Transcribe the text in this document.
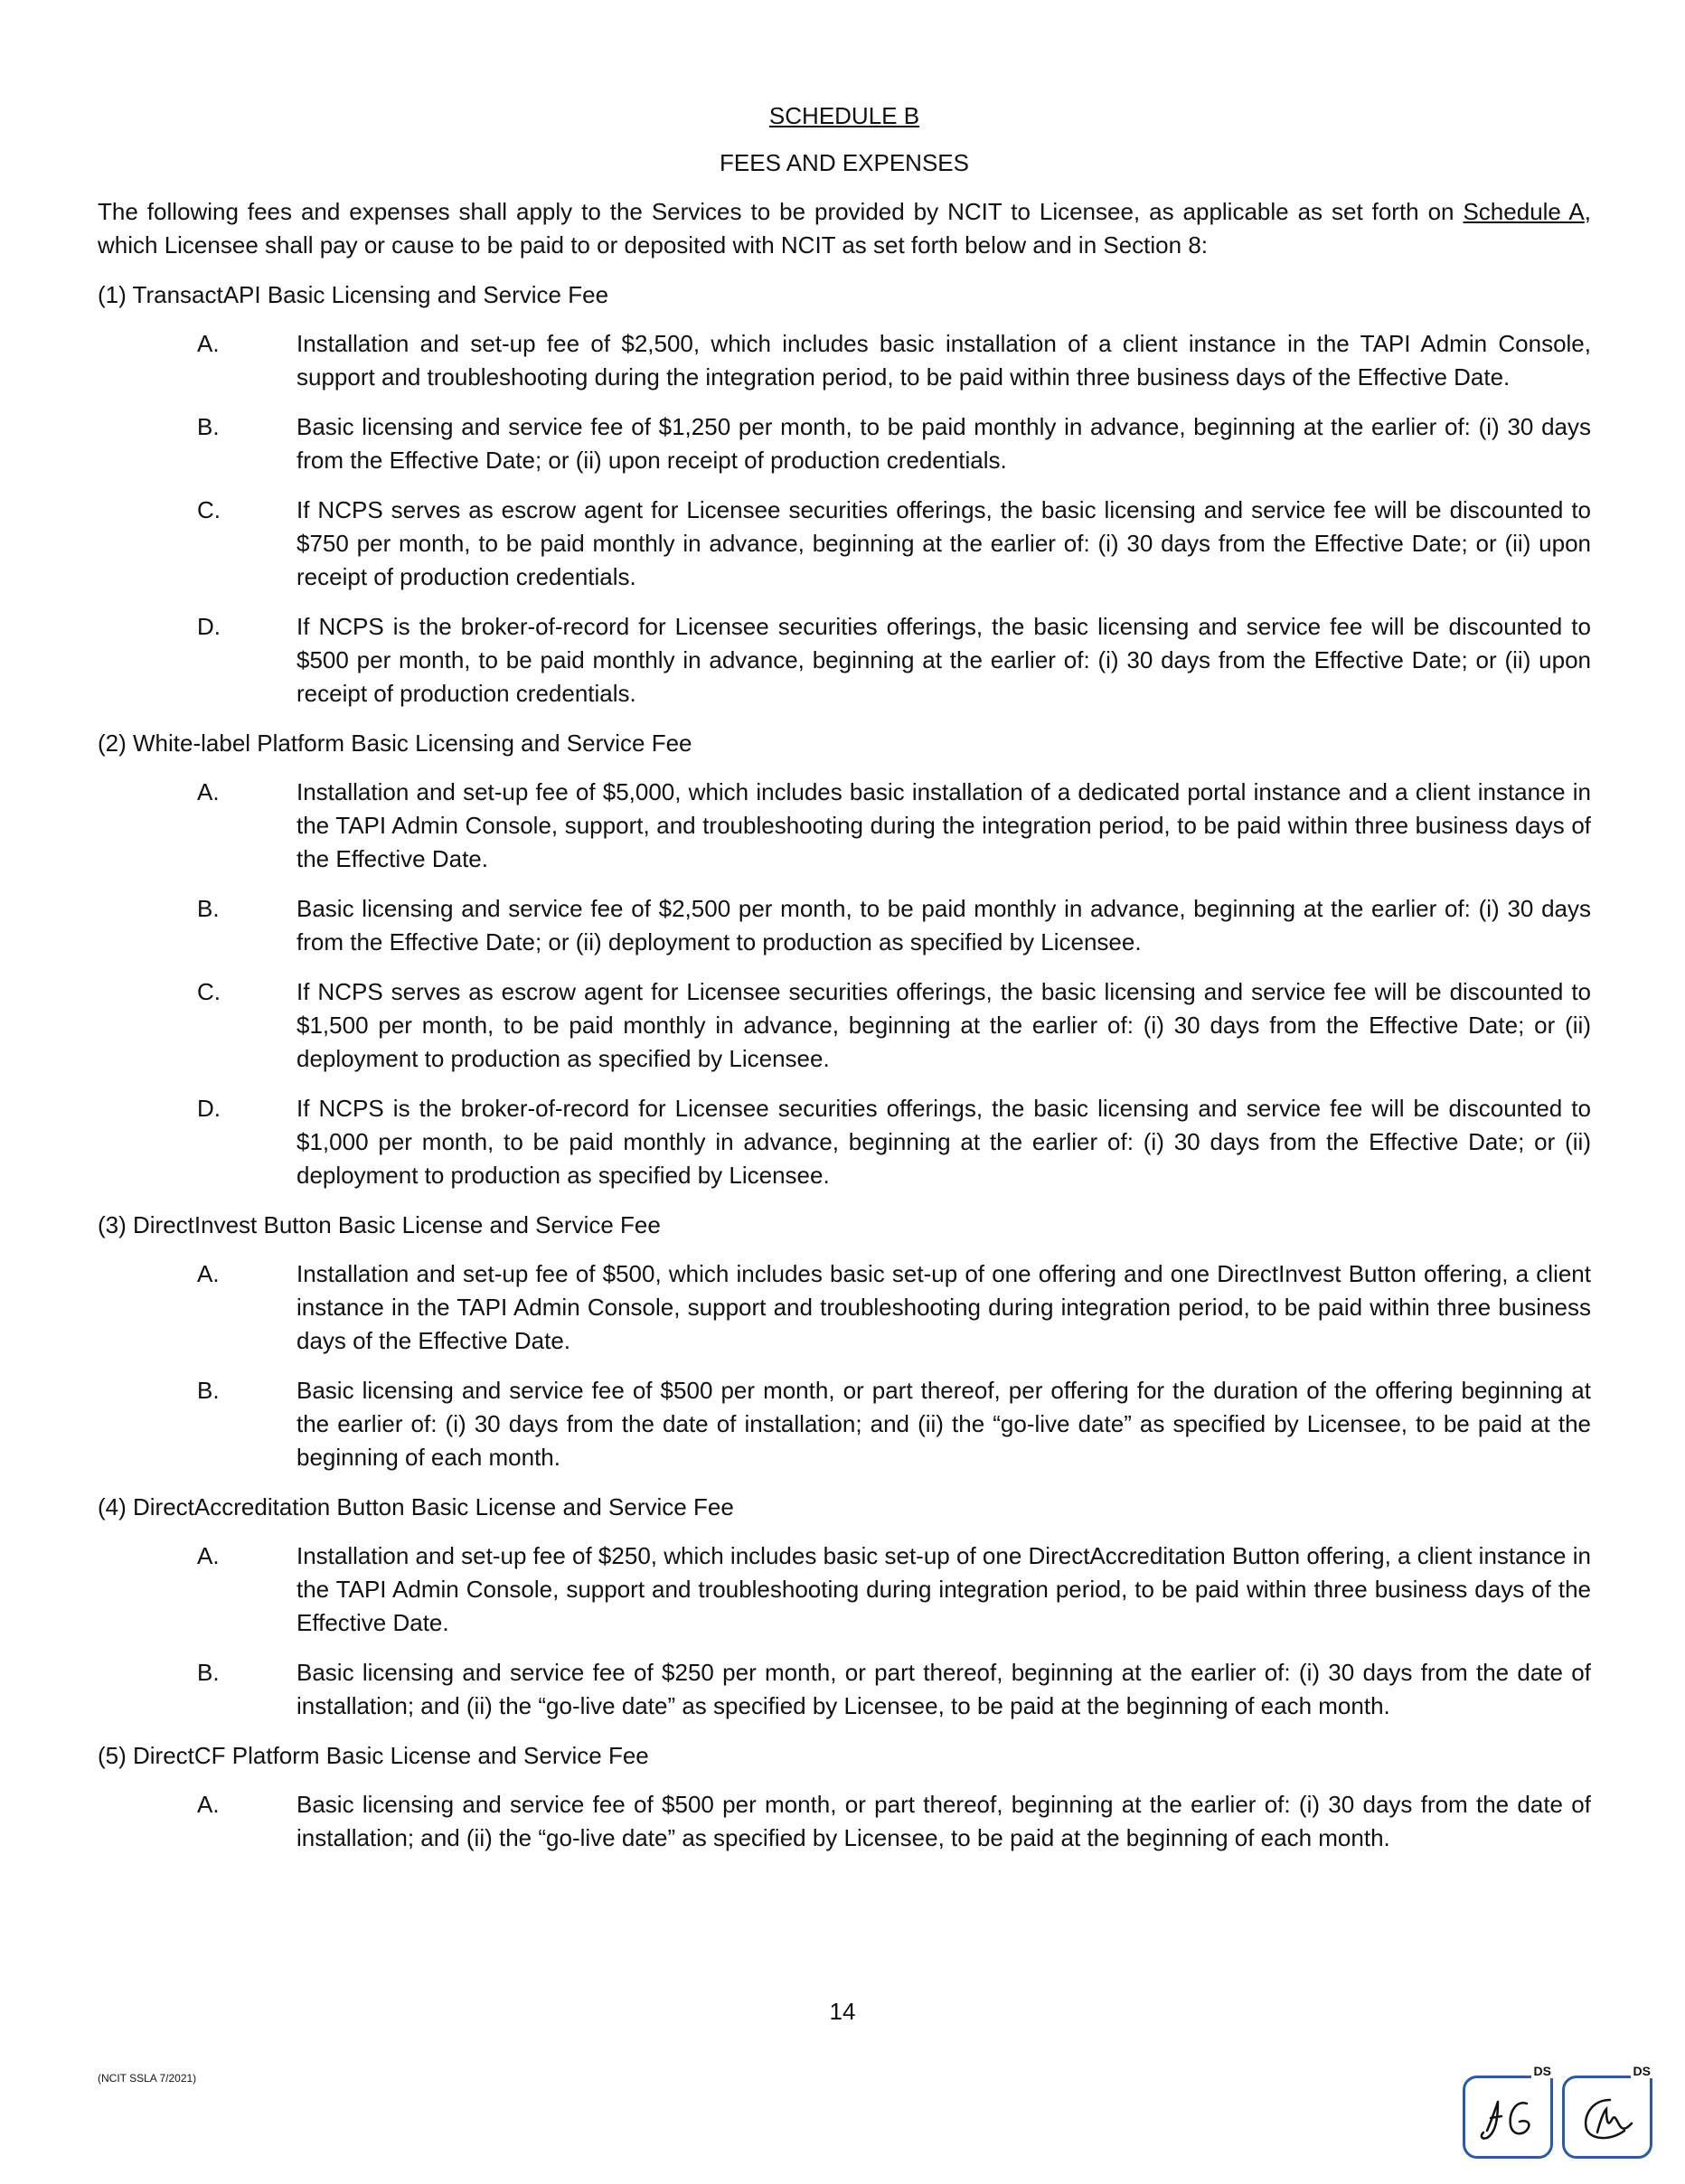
SCHEDULE B
FEES AND EXPENSES
The following fees and expenses shall apply to the Services to be provided by NCIT to Licensee, as applicable as set forth on Schedule A, which Licensee shall pay or cause to be paid to or deposited with NCIT as set forth below and in Section 8:
(1) TransactAPI Basic Licensing and Service Fee
A.	Installation and set-up fee of $2,500, which includes basic installation of a client instance in the TAPI Admin Console, support and troubleshooting during the integration period, to be paid within three business days of the Effective Date.
B.	Basic licensing and service fee of $1,250 per month, to be paid monthly in advance, beginning at the earlier of: (i) 30 days from the Effective Date; or (ii) upon receipt of production credentials.
C.	If NCPS serves as escrow agent for Licensee securities offerings, the basic licensing and service fee will be discounted to $750 per month, to be paid monthly in advance, beginning at the earlier of: (i) 30 days from the Effective Date; or (ii) upon receipt of production credentials.
D.	If NCPS is the broker-of-record for Licensee securities offerings, the basic licensing and service fee will be discounted to $500 per month, to be paid monthly in advance, beginning at the earlier of: (i) 30 days from the Effective Date; or (ii) upon receipt of production credentials.
(2) White-label Platform Basic Licensing and Service Fee
A.	Installation and set-up fee of $5,000, which includes basic installation of a dedicated portal instance and a client instance in the TAPI Admin Console, support, and troubleshooting during the integration period, to be paid within three business days of the Effective Date.
B.	Basic licensing and service fee of $2,500 per month, to be paid monthly in advance, beginning at the earlier of: (i) 30 days from the Effective Date; or (ii) deployment to production as specified by Licensee.
C.	If NCPS serves as escrow agent for Licensee securities offerings, the basic licensing and service fee will be discounted to $1,500 per month, to be paid monthly in advance, beginning at the earlier of: (i) 30 days from the Effective Date; or (ii) deployment to production as specified by Licensee.
D.	If NCPS is the broker-of-record for Licensee securities offerings, the basic licensing and service fee will be discounted to $1,000 per month, to be paid monthly in advance, beginning at the earlier of: (i) 30 days from the Effective Date; or (ii) deployment to production as specified by Licensee.
(3) DirectInvest Button Basic License and Service Fee
A.	Installation and set-up fee of $500, which includes basic set-up of one offering and one DirectInvest Button offering, a client instance in the TAPI Admin Console, support and troubleshooting during integration period, to be paid within three business days of the Effective Date.
B.	Basic licensing and service fee of $500 per month, or part thereof, per offering for the duration of the offering beginning at the earlier of: (i) 30 days from the date of installation; and (ii) the “go-live date” as specified by Licensee, to be paid at the beginning of each month.
(4) DirectAccreditation Button Basic License and Service Fee
A.	Installation and set-up fee of $250, which includes basic set-up of one DirectAccreditation Button offering, a client instance in the TAPI Admin Console, support and troubleshooting during integration period, to be paid within three business days of the Effective Date.
B.	Basic licensing and service fee of $250 per month, or part thereof, beginning at the earlier of: (i) 30 days from the date of installation; and (ii) the “go-live date” as specified by Licensee, to be paid at the beginning of each month.
(5) DirectCF Platform Basic License and Service Fee
A.	Basic licensing and service fee of $500 per month, or part thereof, beginning at the earlier of: (i) 30 days from the date of installation; and (ii) the “go-live date” as specified by Licensee, to be paid at the beginning of each month.
14
(NCIT SSLA 7/2021)	DS	DS
